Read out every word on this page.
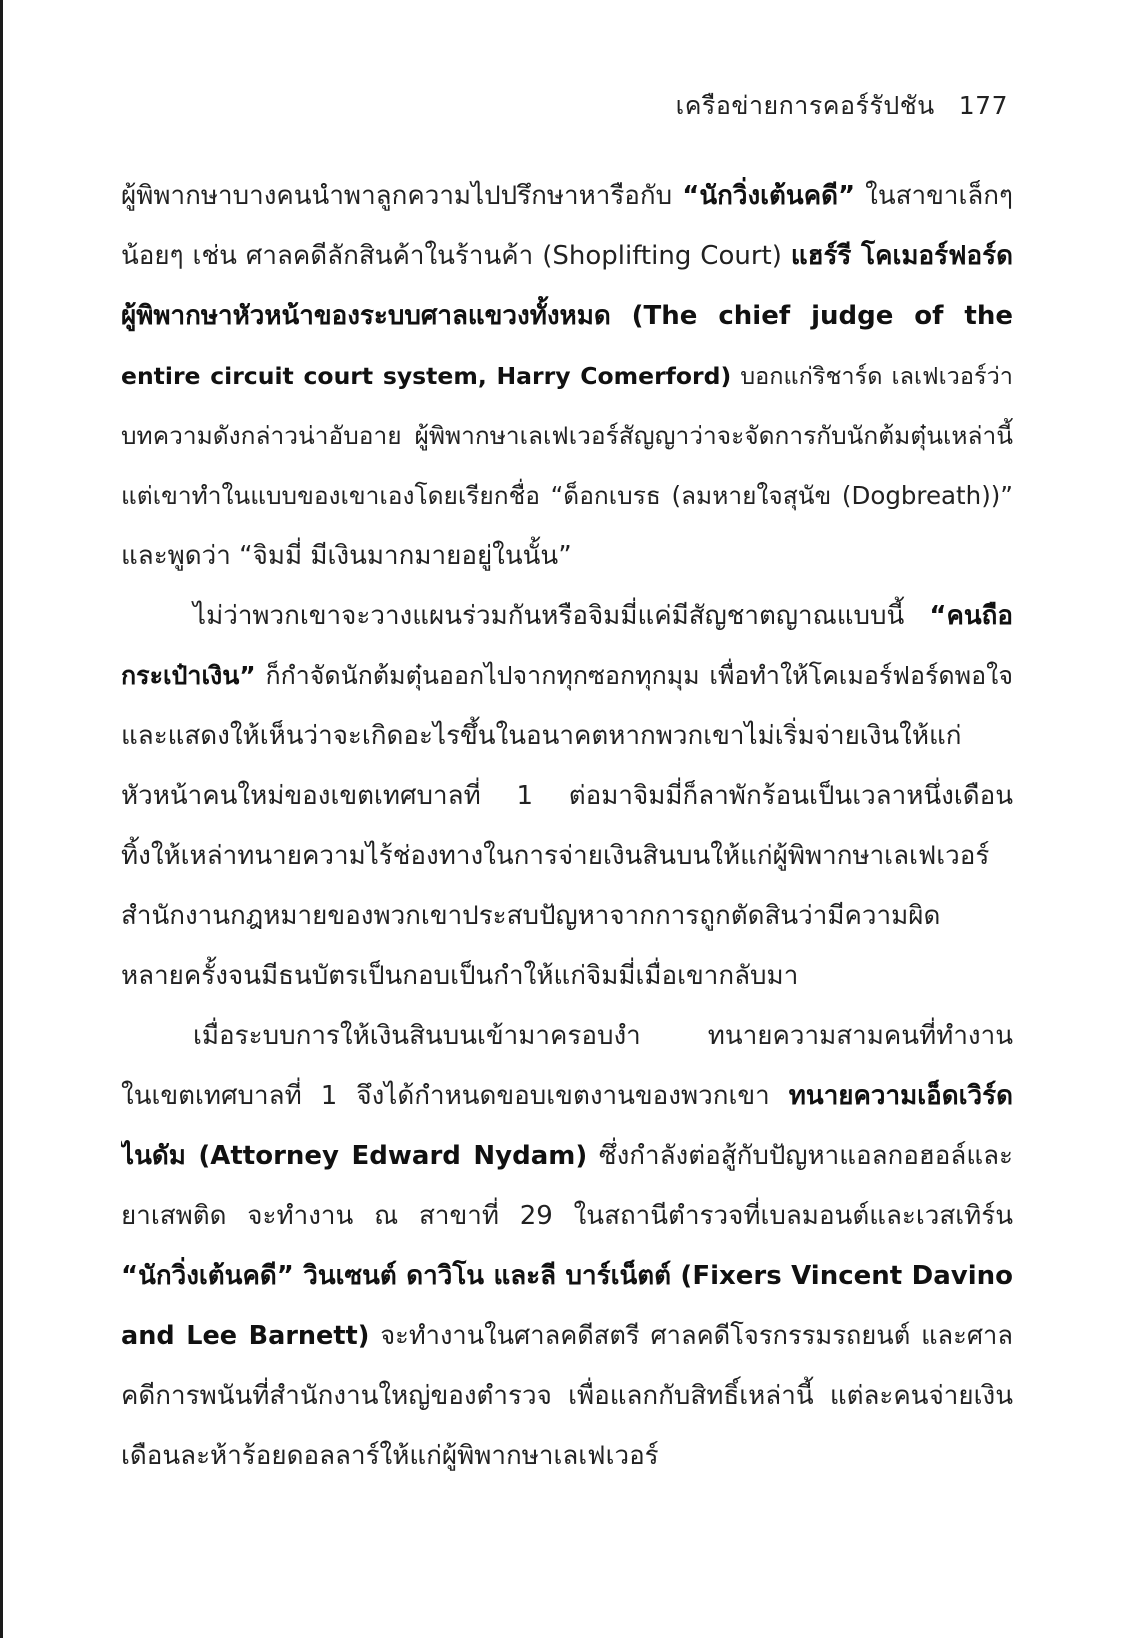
เครือข่ายการคอร์รัปชัน 177
ผู้พิพากษาบางคนนำพาลูกความไปปรึกษาหารือกับ “นักวิ่งเต้นคดี” ในสาขาเล็กๆ
น้อยๆ เช่น ศาลคดีลักสินค้าในร้านค้า (Shoplifting Court) แฮร์รี โคเมอร์ฟอร์ด
ผู้พิพากษาหัวหน้าของระบบศาลแขวงทั้งหมด (The chief judge of the
entire circuit court system, Harry Comerford) บอกแก่ริชาร์ด เลเฟเวอร์ว่า
บทความดังกล่าวน่าอับอาย ผู้พิพากษาเลเฟเวอร์สัญญาว่าจะจัดการกับนักต้มตุ๋นเหล่านี้
แต่เขาทำในแบบของเขาเองโดยเรียกชื่อ “ด็อกเบรธ (ลมหายใจสุนัข (Dogbreath))”
และพูดว่า “จิมมี่ มีเงินมากมายอยู่ในนั้น”
ไม่ว่าพวกเขาจะวางแผนร่วมกันหรือจิมมี่แค่มีสัญชาตญาณแบบนี้ “คนถือ
กระเป๋าเงิน” ก็กำจัดนักต้มตุ๋นออกไปจากทุกซอกทุกมุม เพื่อทำให้โคเมอร์ฟอร์ดพอใจ
และแสดงให้เห็นว่าจะเกิดอะไรขึ้นในอนาคตหากพวกเขาไม่เริ่มจ่ายเงินให้แก่
หัวหน้าคนใหม่ของเขตเทศบาลที่ 1 ต่อมาจิมมี่ก็ลาพักร้อนเป็นเวลาหนึ่งเดือน
ทิ้งให้เหล่าทนายความไร้ช่องทางในการจ่ายเงินสินบนให้แก่ผู้พิพากษาเลเฟเวอร์
สำนักงานกฎหมายของพวกเขาประสบปัญหาจากการถูกตัดสินว่ามีความผิด
หลายครั้งจนมีธนบัตรเป็นกอบเป็นกำให้แก่จิมมี่เมื่อเขากลับมา
เมื่อระบบการให้เงินสินบนเข้ามาครอบงำ ทนายความสามคนที่ทำงาน
ในเขตเทศบาลที่ 1 จึงได้กำหนดขอบเขตงานของพวกเขา ทนายความเอ็ดเวิร์ด
ไนดัม (Attorney Edward Nydam) ซึ่งกำลังต่อสู้กับปัญหาแอลกอฮอล์และ
ยาเสพติด จะทำงาน ณ สาขาที่ 29 ในสถานีตำรวจที่เบลมอนต์และเวสเทิร์น
“นักวิ่งเต้นคดี” วินเซนต์ ดาวิโน และลี บาร์เน็ตต์ (Fixers Vincent Davino
and Lee Barnett) จะทำงานในศาลคดีสตรี ศาลคดีโจรกรรมรถยนต์ และศาล
คดีการพนันที่สำนักงานใหญ่ของตำรวจ เพื่อแลกกับสิทธิ์เหล่านี้ แต่ละคนจ่ายเงิน
เดือนละห้าร้อยดอลลาร์ให้แก่ผู้พิพากษาเลเฟเวอร์
